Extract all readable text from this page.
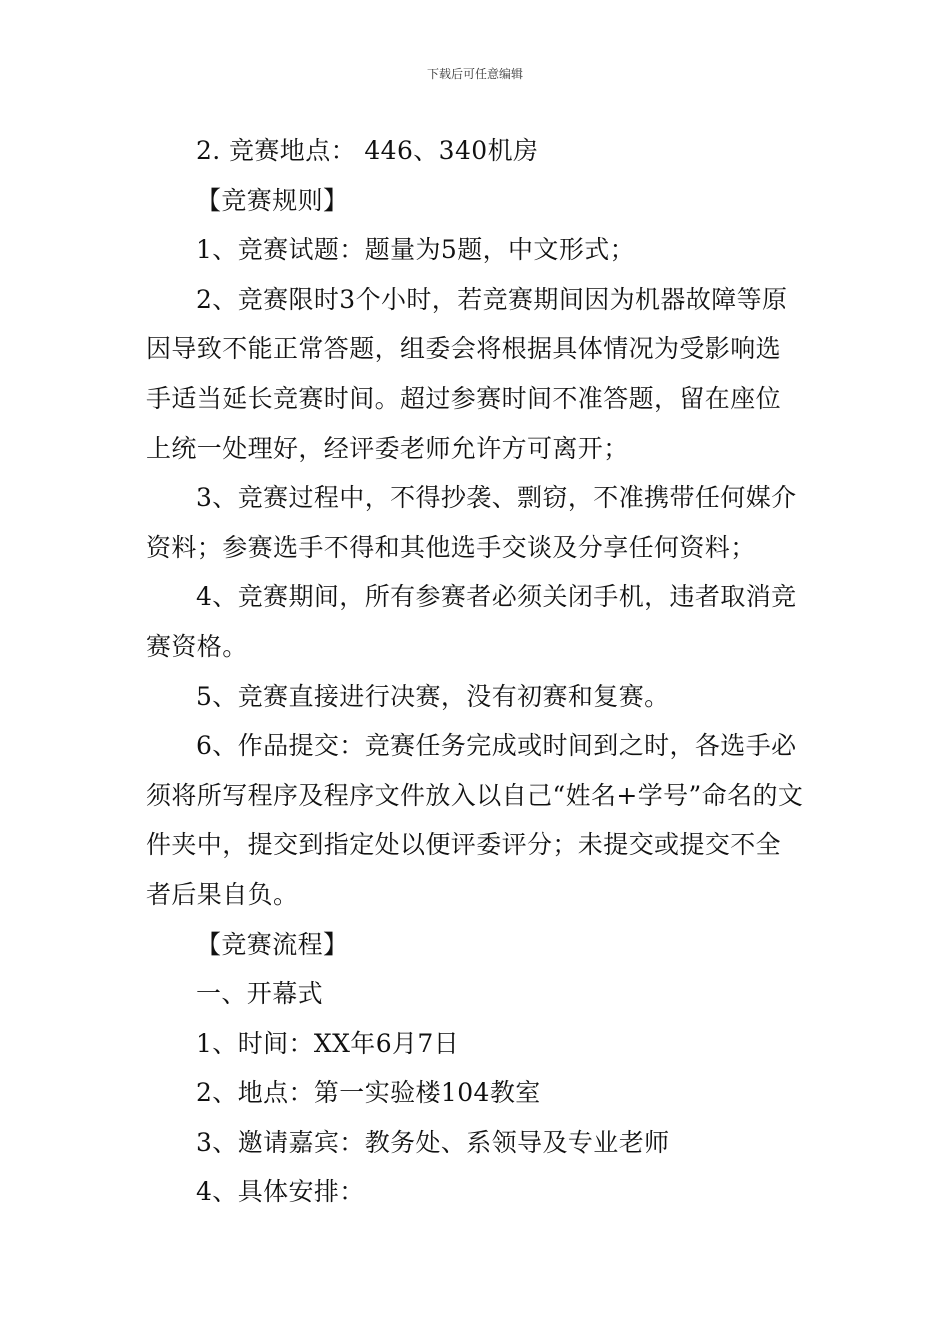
下载后可任意编辑

2. 竞赛地点： 446、340机房

【竞赛规则】

1、竞赛试题：题量为5题，中文形式；

2、竞赛限时3个小时，若竞赛期间因为机器故障等原因导致不能正常答题，组委会将根据具体情况为受影响选手适当延长竞赛时间。超过参赛时间不准答题，留在座位上统一处理好，经评委老师允许方可离开；

3、竞赛过程中，不得抄袭、剽窃，不准携带任何媒介资料；参赛选手不得和其他选手交谈及分享任何资料；

4、竞赛期间，所有参赛者必须关闭手机，违者取消竞赛资格。

5、竞赛直接进行决赛，没有初赛和复赛。

6、作品提交：竞赛任务完成或时间到之时，各选手必须将所写程序及程序文件放入以自己“姓名+学号”命名的文件夹中，提交到指定处以便评委评分；未提交或提交不全者后果自负。

【竞赛流程】

一、开幕式

1、时间：XX年6月7日

2、地点：第一实验楼104教室

3、邀请嘉宾：教务处、系领导及专业老师

4、具体安排：
